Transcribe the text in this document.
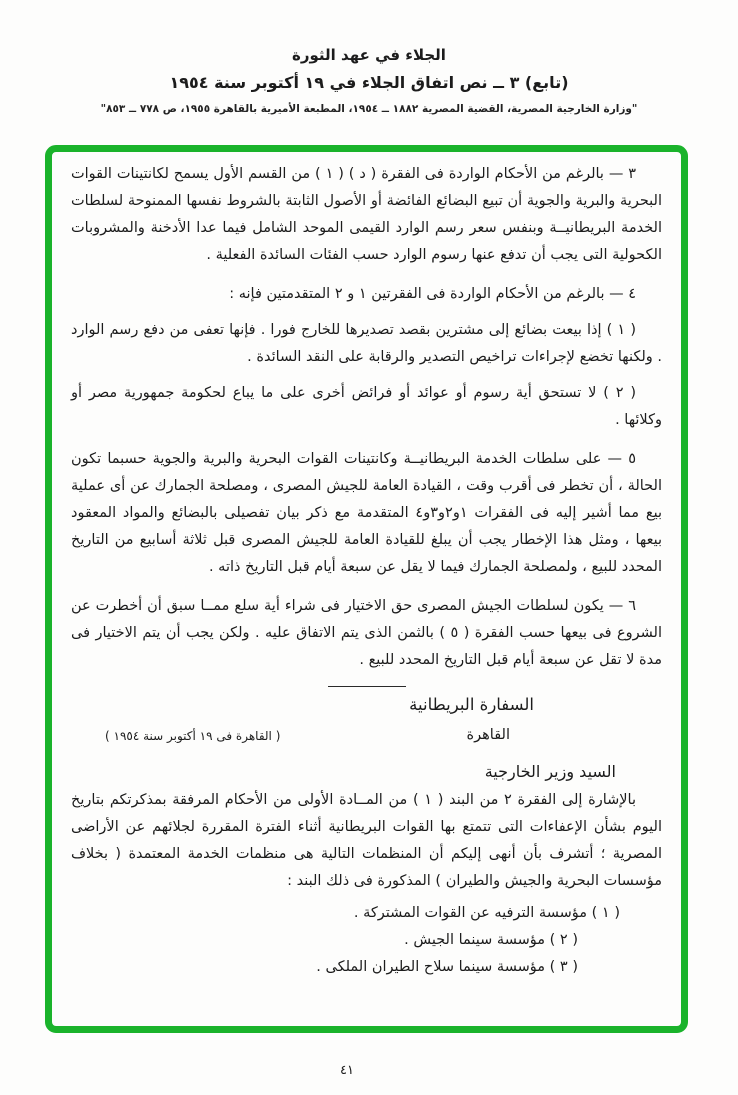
الجلاء في عهد الثورة
(تابع) ٣ ــ نص اتفاق الجلاء في ١٩ أكتوبر سنة ١٩٥٤
"وزارة الخارجية المصرية، القضية المصرية ١٨٨٢ ــ ١٩٥٤، المطبعة الأميرية بالقاهرة ١٩٥٥، ص ٧٧٨ ــ ٨٥٣"
٣ — بالرغم من الأحكام الواردة فى الفقرة ( د ) ( ١ ) من القسم الأول يسمح لكانتينات القوات البحرية والبرية والجوية أن تبيع البضائع الفائضة أو الأصول الثابتة بالشروط نفسها الممنوحة لسلطات الخدمة البريطانيــة وبنفس سعر رسم الوارد القيمى الموحد الشامل فيما عدا الأدخنة والمشروبات الكحولية التى يجب أن تدفع عنها رسوم الوارد حسب الفئات السائدة الفعلية .
٤ — بالرغم من الأحكام الواردة فى الفقرتين ١ و ٢ المتقدمتين فإنه :
( ١ ) إذا بيعت بضائع إلى مشترين بقصد تصديرها للخارج فورا . فإنها تعفى من دفع رسم الوارد . ولكنها تخضع لإجراءات تراخيص التصدير والرقابة على النقد السائدة .
( ٢ ) لا تستحق أية رسوم أو عوائد أو فرائض أخرى على ما يباع لحكومة جمهورية مصر أو وكلائها .
٥ — على سلطات الخدمة البريطانيــة وكانتينات القوات البحرية والبرية والجوية حسبما تكون الحالة ، أن تخطر فى أقرب وقت ، القيادة العامة للجيش المصرى ، ومصلحة الجمارك عن أى عملية بيع مما أشير إليه فى الفقرات ١و٢و٣و٤ المتقدمة مع ذكر بيان تفصيلى بالبضائع والمواد المعقود بيعها ، ومثل هذا الإخطار يجب أن يبلغ للقيادة العامة للجيش المصرى قبل ثلاثة أسابيع من التاريخ المحدد للبيع ، ولمصلحة الجمارك فيما لا يقل عن سبعة أيام قبل التاريخ ذاته .
٦ — يكون لسلطات الجيش المصرى حق الاختيار فى شراء أية سلع ممــا سبق أن أخطرت عن الشروع فى بيعها حسب الفقرة ( ٥ ) بالثمن الذى يتم الاتفاق عليه . ولكن يجب أن يتم الاختيار فى مدة لا تقل عن سبعة أيام قبل التاريخ المحدد للبيع .
السفارة البريطانية
القاهرة
( القاهرة فى ١٩ أكتوبر سنة ١٩٥٤ )
السيد وزير الخارجية
بالإشارة إلى الفقرة ٢ من البند ( ١ ) من المــادة الأولى من الأحكام المرفقة بمذكرتكم بتاريخ اليوم بشأن الإعفاءات التى تتمتع بها القوات البريطانية أثناء الفترة المقررة لجلائهم عن الأراضى المصرية ؛ أتشرف بأن أنهى إليكم أن المنظمات التالية هى منظمات الخدمة المعتمدة ( بخلاف مؤسسات البحرية والجيش والطيران ) المذكورة فى ذلك البند :
( ١ ) مؤسسة الترفيه عن القوات المشتركة .
( ٢ ) مؤسسة سينما الجيش .
( ٣ ) مؤسسة سينما سلاح الطيران الملكى .
٤١
